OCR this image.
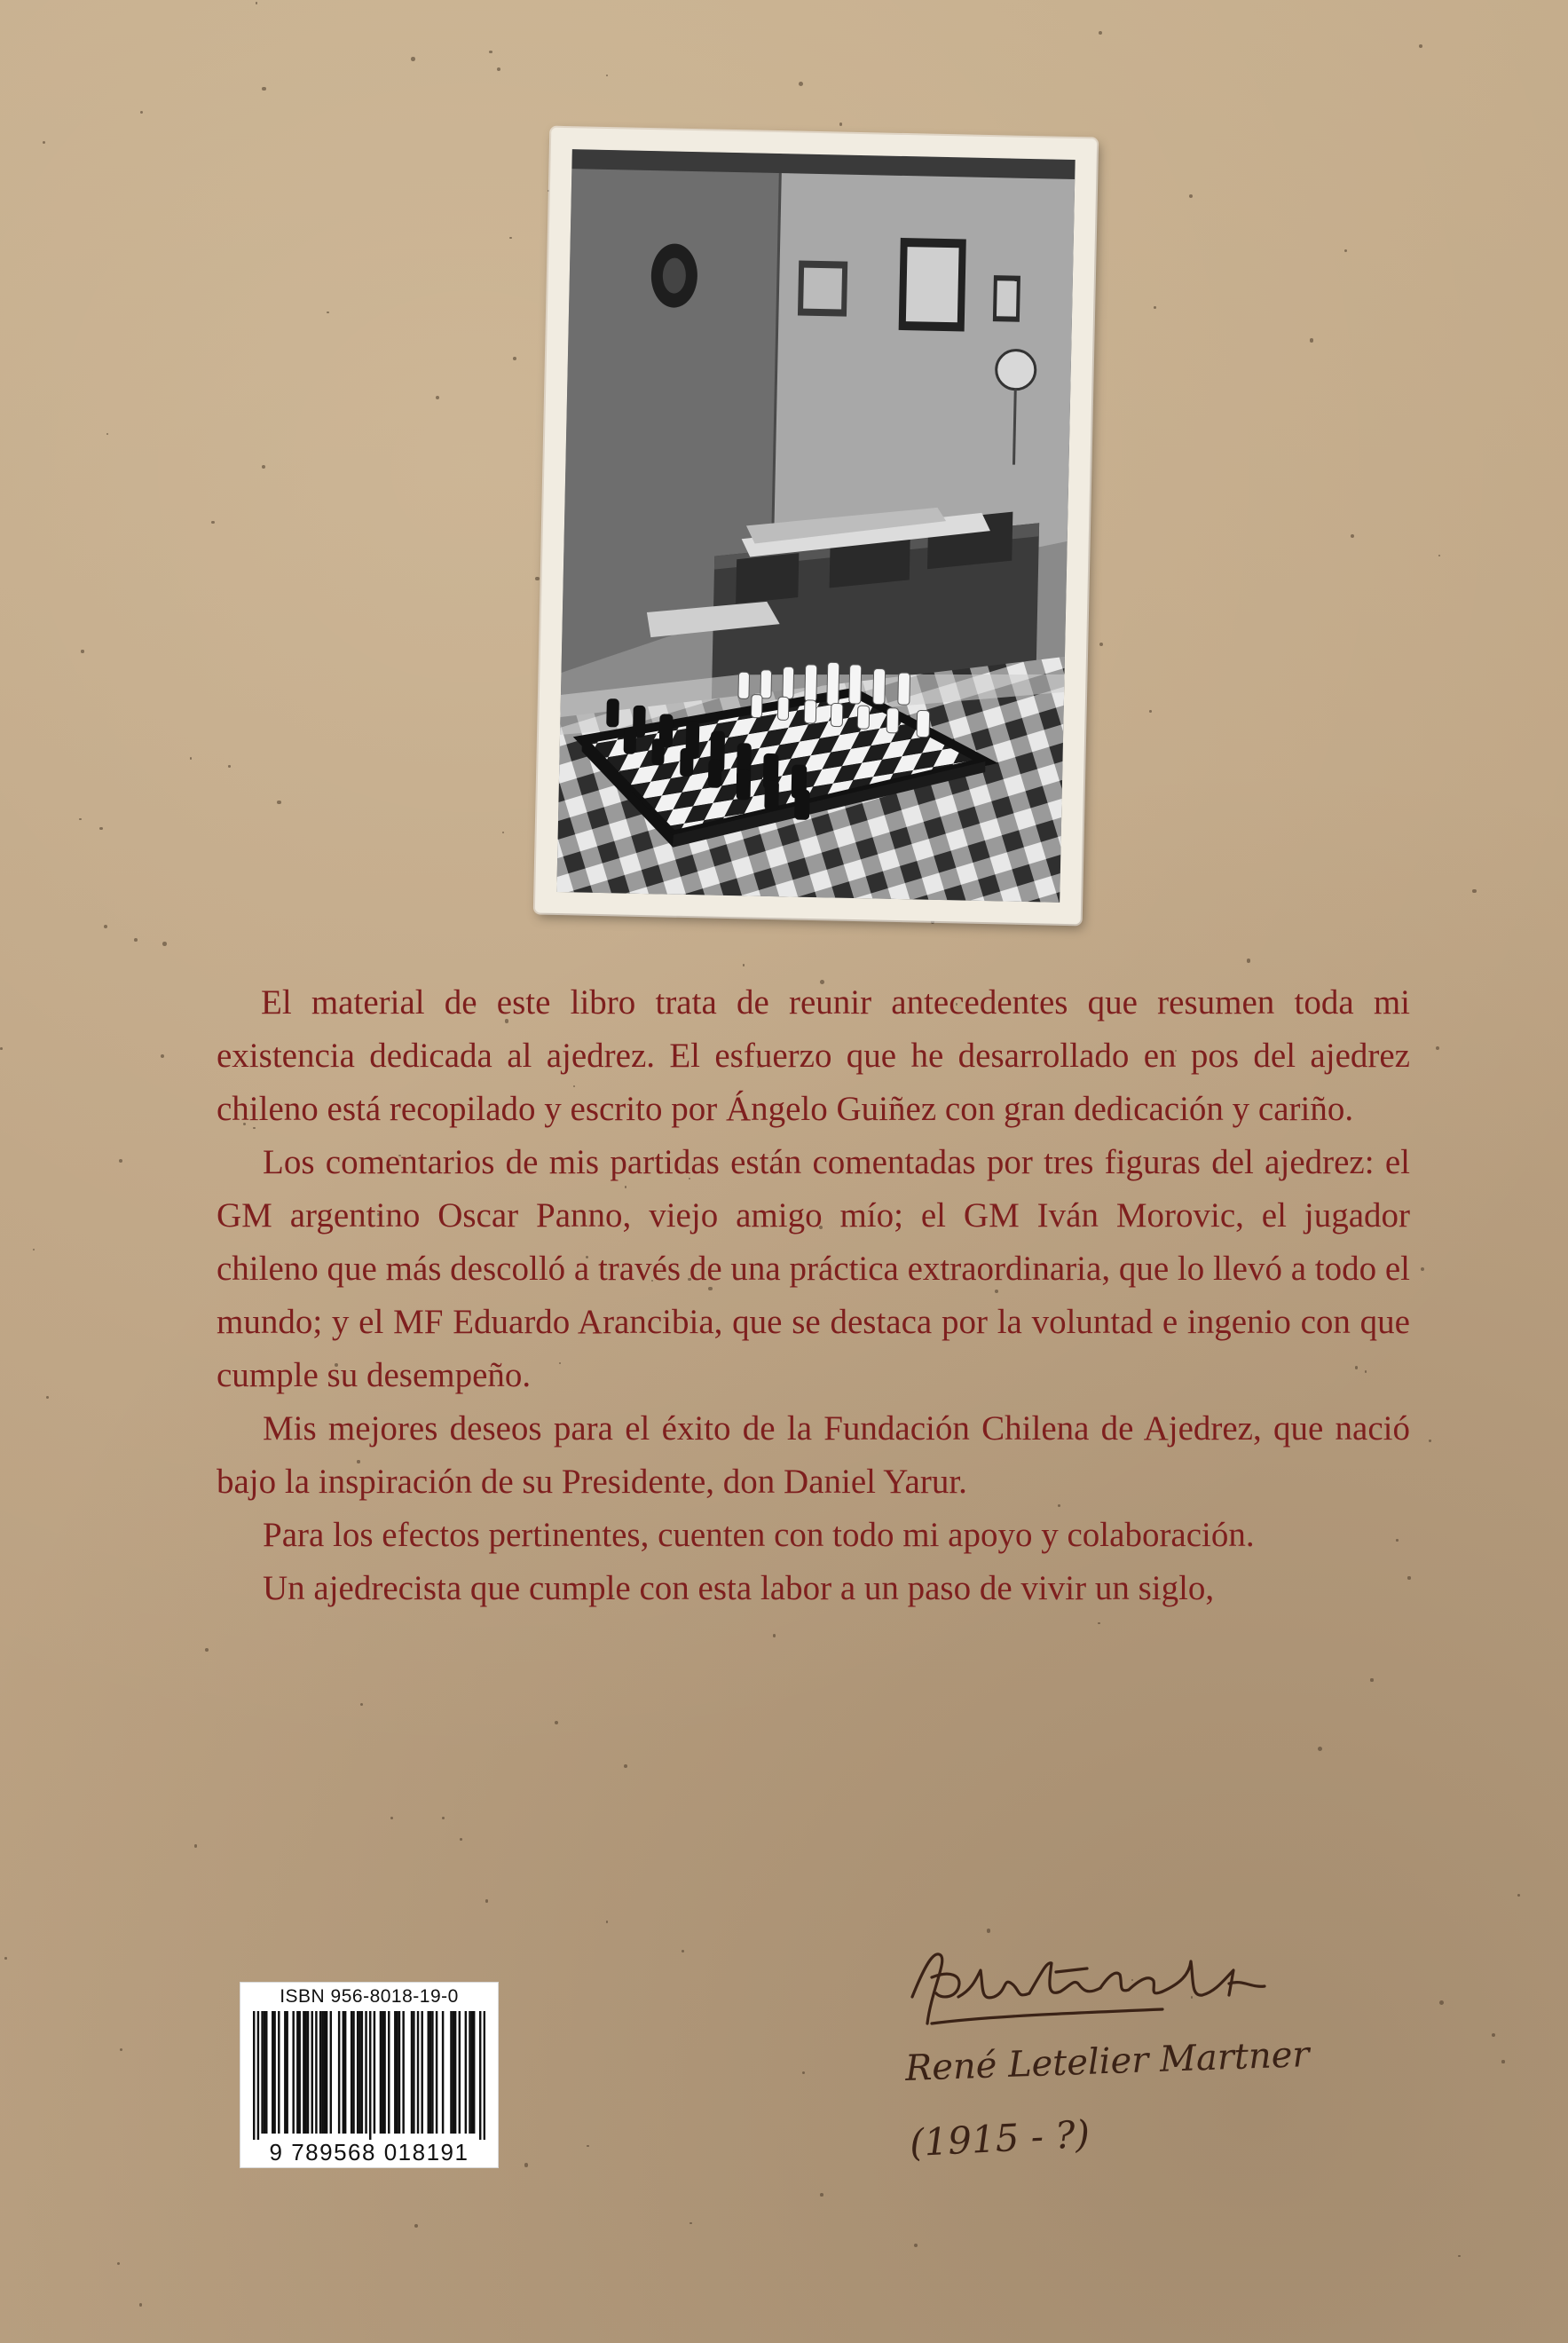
El material de este libro trata de reunir antecedentes que resumen toda mi existencia dedicada al ajedrez. El esfuerzo que he desarrollado en pos del ajedrez chileno está recopilado y escrito por Ángelo Guiñez con gran dedicación y cariño.

Los comentarios de mis partidas están comentadas por tres figuras del ajedrez: el GM argentino Oscar Panno, viejo amigo mío; el GM Iván Morovic, el jugador chileno que más descolló a través de una práctica extraordinaria, que lo llevó a todo el mundo; y el MF Eduardo Arancibia, que se destaca por la voluntad e ingenio con que cumple su desempeño.

Mis mejores deseos para el éxito de la Fundación Chilena de Ajedrez, que nació bajo la inspiración de su Presidente, don Daniel Yarur.

Para los efectos pertinentes, cuenten con todo mi apoyo y colaboración.

Un ajedrecista que cumple con esta labor a un paso de vivir un siglo,

ISBN 956-8018-19-0
9 789568 018191
René Letelier Martner
(1915 - ?)
